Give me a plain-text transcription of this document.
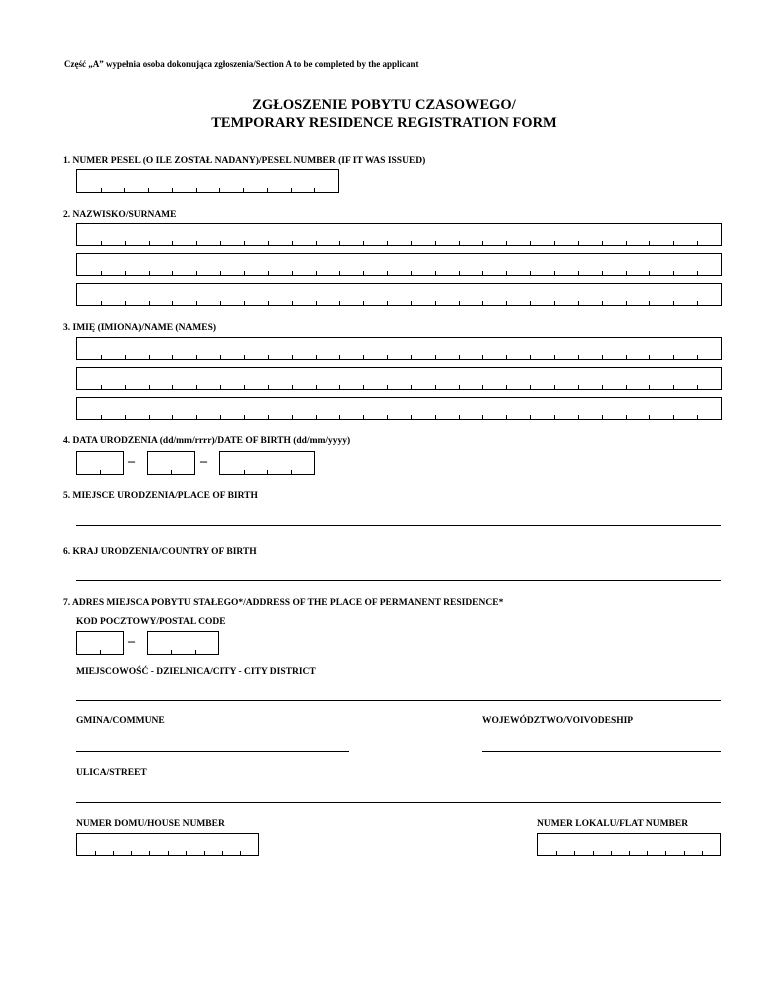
Część „A” wypełnia osoba dokonująca zgłoszenia/Section A to be completed by the applicant
ZGŁOSZENIE POBYTU CZASOWEGO/
TEMPORARY RESIDENCE REGISTRATION FORM
1. NUMER PESEL (O ILE ZOSTAŁ NADANY)/PESEL NUMBER (IF IT WAS ISSUED)
2. NAZWISKO/SURNAME
3. IMIĘ (IMIONA)/NAME (NAMES)
4. DATA URODZENIA (dd/mm/rrrr)/DATE OF BIRTH (dd/mm/yyyy)
–	–
5. MIEJSCE URODZENIA/PLACE OF BIRTH
6. KRAJ URODZENIA/COUNTRY OF BIRTH
7. ADRES MIEJSCA POBYTU STAŁEGO*/ADDRESS OF THE PLACE OF PERMANENT RESIDENCE*
KOD POCZTOWY/POSTAL CODE
–
MIEJSCOWOŚĆ - DZIELNICA/CITY - CITY DISTRICT
GMINA/COMMUNE	WOJEWÓDZTWO/VOIVODESHIP
ULICA/STREET
NUMER DOMU/HOUSE NUMBER	NUMER LOKALU/FLAT NUMBER
